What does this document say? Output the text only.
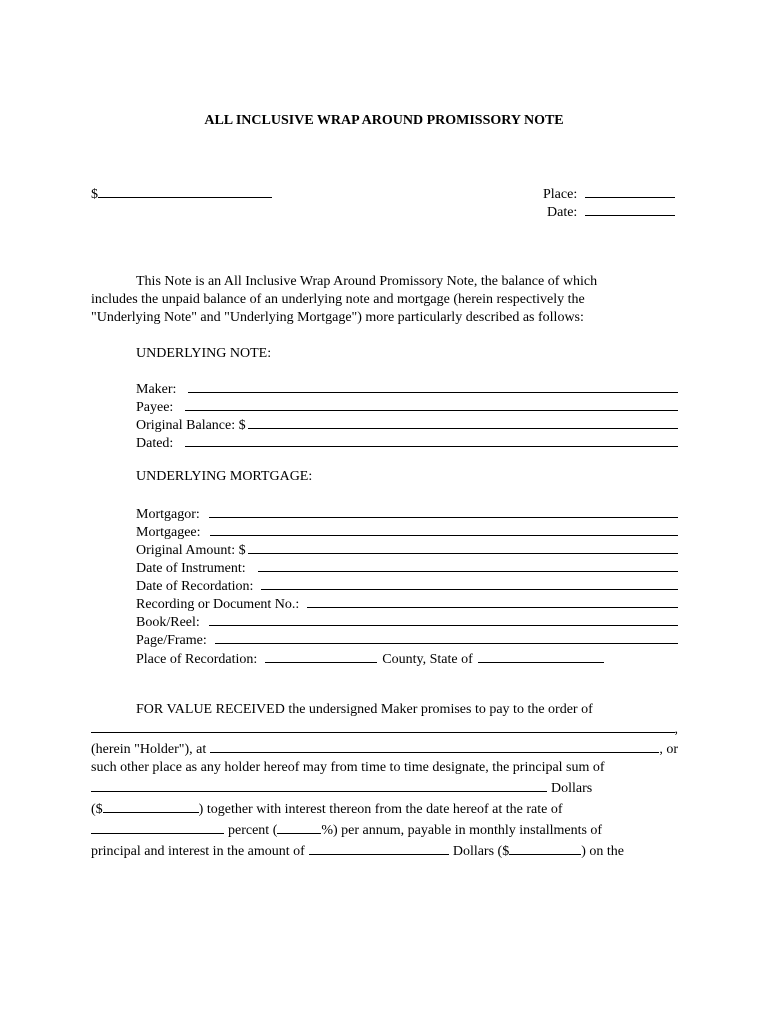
ALL INCLUSIVE WRAP AROUND PROMISSORY NOTE
$	Place:
Date:
This Note is an All Inclusive Wrap Around Promissory Note, the balance of which
includes the unpaid balance of an underlying note and mortgage (herein respectively the
"Underlying Note" and "Underlying Mortgage") more particularly described as follows:
UNDERLYING NOTE:
Maker:
Payee:
Original Balance: $
Dated:
UNDERLYING MORTGAGE:
Mortgagor:
Mortgagee:
Original Amount: $
Date of Instrument:
Date of Recordation:
Recording or Document No.:
Book/Reel:
Page/Frame:
Place of Recordation:	County, State of
FOR VALUE RECEIVED the undersigned Maker promises to pay to the order of
,
(herein "Holder"), at	, or
such other place as any holder hereof may from time to time designate, the principal sum of
Dollars
($	) together with interest thereon from the date hereof at the rate of
percent (	%) per annum, payable in monthly installments of
principal and interest in the amount of	Dollars ($	) on the
